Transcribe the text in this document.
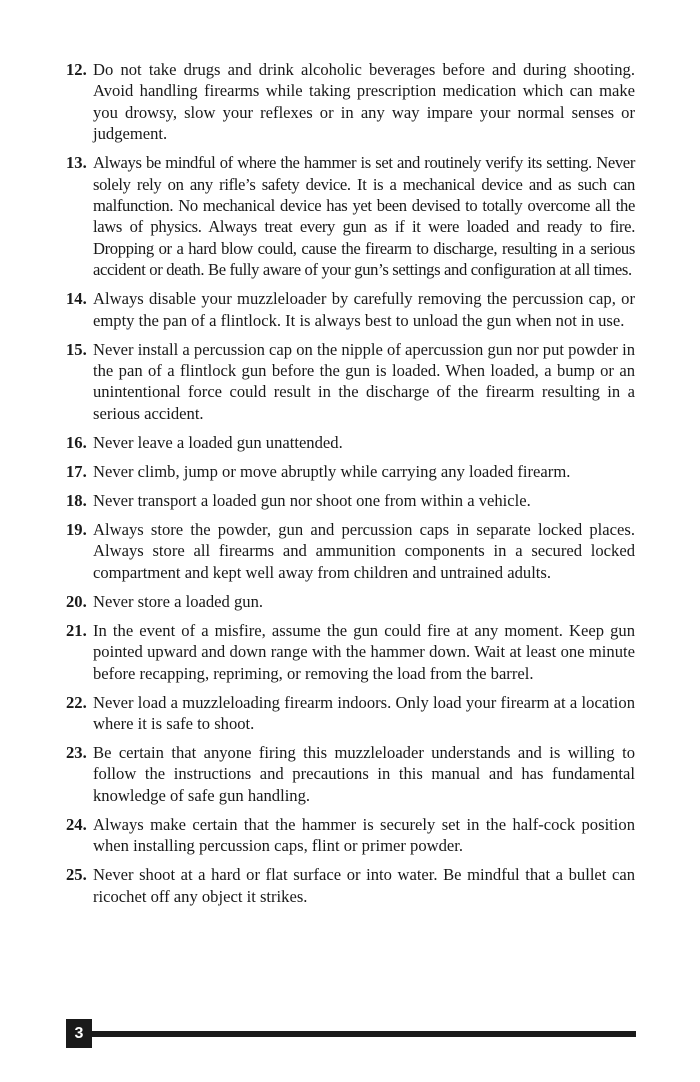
12. Do not take drugs and drink alcoholic beverages before and during shooting. Avoid handling firearms while taking prescription medication which can make you drowsy, slow your reflexes or in any way impare your normal senses or judgement.
13. Always be mindful of where the hammer is set and routinely verify its setting. Never solely rely on any rifle’s safety device. It is a mechanical device and as such can malfunction. No mechanical device has yet been devised to totally overcome all the laws of physics. Always treat every gun as if it were loaded and ready to fire. Dropping or a hard blow could, cause the firearm to discharge, resulting in a serious accident or death. Be fully aware of your gun’s settings and configuration at all times.
14. Always disable your muzzleloader by carefully removing the percussion cap, or empty the pan of a flintlock. It is always best to unload the gun when not in use.
15. Never install a percussion cap on the nipple of apercussion gun nor put powder in the pan of a flintlock gun before the gun is loaded. When loaded, a bump or an unintentional force could result in the discharge of the firearm resulting in a serious accident.
16. Never leave a loaded gun unattended.
17. Never climb, jump or move abruptly while carrying any loaded firearm.
18. Never transport a loaded gun nor shoot one from within a vehicle.
19. Always store the powder, gun and percussion caps in separate locked places. Always store all firearms and ammunition components in a secured locked compartment and kept well away from children and untrained adults.
20. Never store a loaded gun.
21. In the event of a misfire, assume the gun could fire at any moment. Keep gun pointed upward and down range with the hammer down. Wait at least one minute before recapping, repriming, or removing the load from the barrel.
22. Never load a muzzleloading firearm indoors. Only load your firearm at a location where it is safe to shoot.
23. Be certain that anyone firing this muzzleloader understands and is willing to follow the instructions and precautions in this manual and has fundamental knowledge of safe gun handling.
24. Always make certain that the hammer is securely set in the half-cock position when installing percussion caps, flint or primer powder.
25. Never shoot at a hard or flat surface or into water. Be mindful that a bullet can ricochet off any object it strikes.
3
